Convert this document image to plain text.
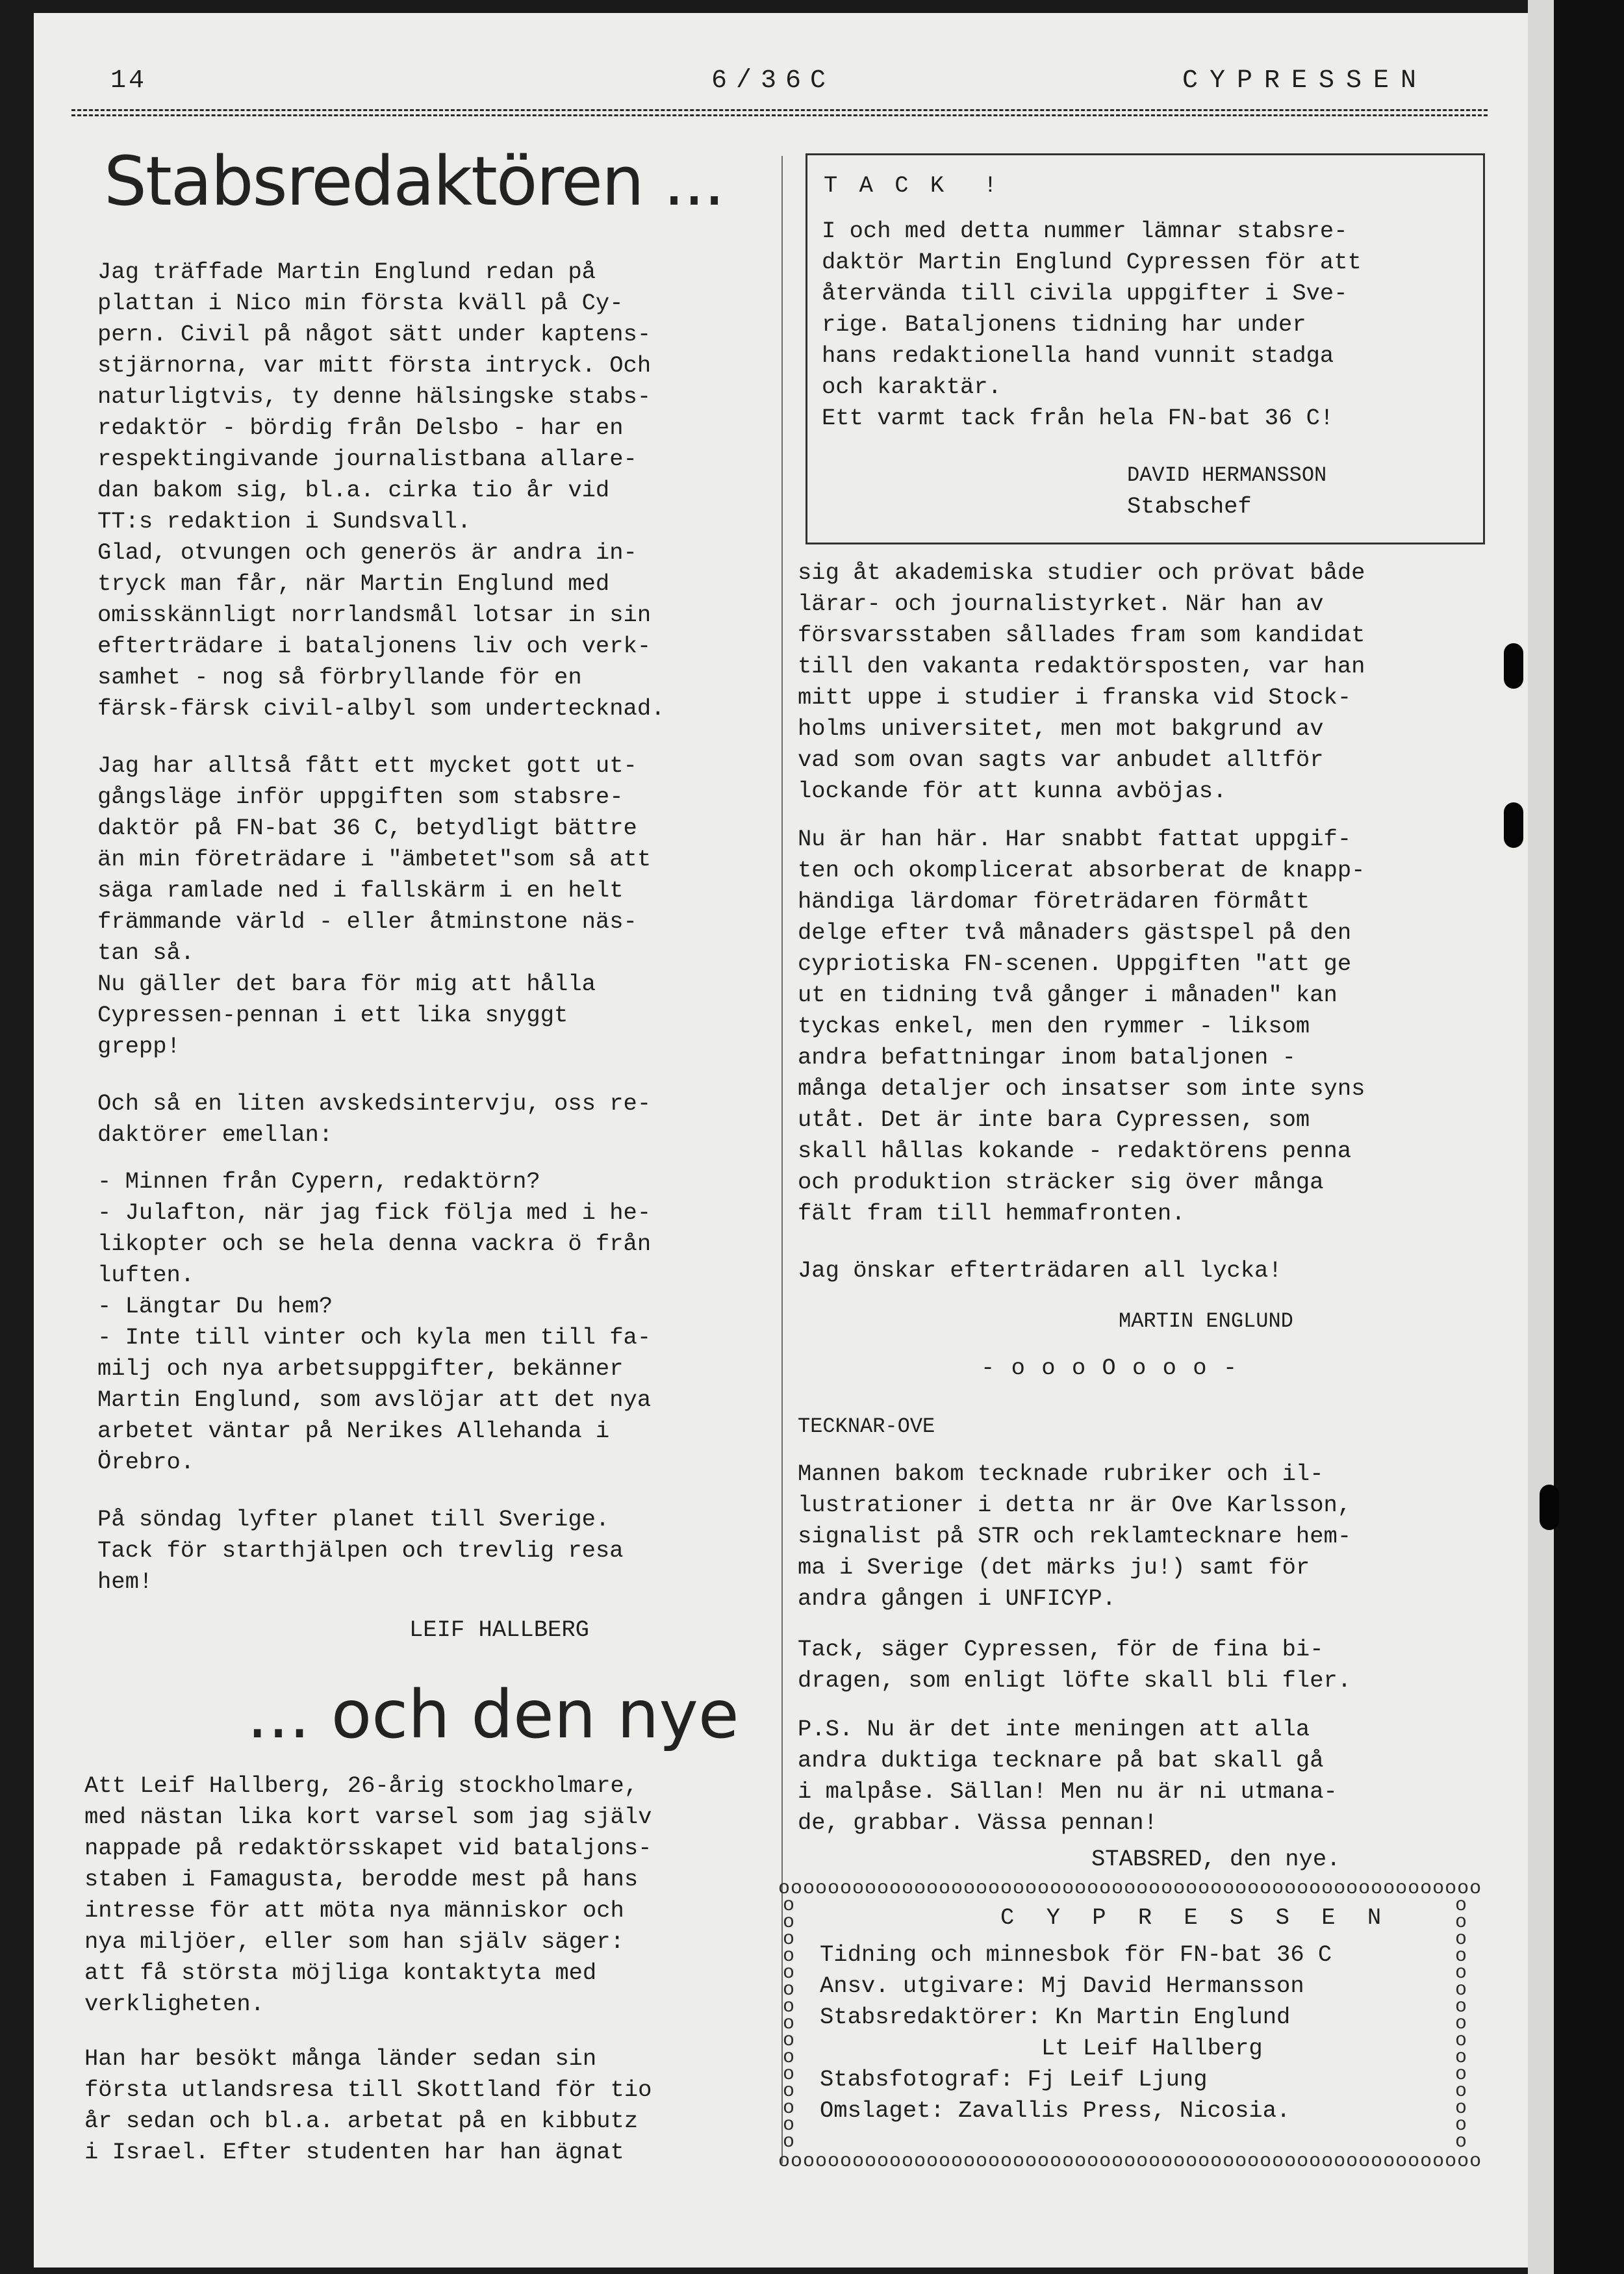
14	6/36C	CYPRESSEN
Stabsredaktören ...
Jag träffade Martin Englund redan på
plattan i Nico min första kväll på Cy-
pern. Civil på något sätt under kaptens-
stjärnorna, var mitt första intryck. Och
naturligtvis, ty denne hälsingske stabs-
redaktör - bördig från Delsbo - har en
respektingivande journalistbana allare-
dan bakom sig, bl.a. cirka tio år vid
TT:s redaktion i Sundsvall.
Glad, otvungen och generös är andra in-
tryck man får, när Martin Englund med
omisskännligt norrlandsmål lotsar in sin
efterträdare i bataljonens liv och verk-
samhet - nog så förbryllande för en
färsk-färsk civil-albyl som undertecknad.
Jag har alltså fått ett mycket gott ut-
gångsläge inför uppgiften som stabsre-
daktör på FN-bat 36 C, betydligt bättre
än min företrädare i "ämbetet"som så att
säga ramlade ned i fallskärm i en helt
främmande värld - eller åtminstone näs-
tan så.
Nu gäller det bara för mig att hålla
Cypressen-pennan i ett lika snyggt
grepp!
Och så en liten avskedsintervju, oss re-
daktörer emellan:
- Minnen från Cypern, redaktörn?
- Julafton, när jag fick följa med i he-
likopter och se hela denna vackra ö från
luften.
- Längtar Du hem?
- Inte till vinter och kyla men till fa-
milj och nya arbetsuppgifter, bekänner
Martin Englund, som avslöjar att det nya
arbetet väntar på Nerikes Allehanda i
Örebro.
På söndag lyfter planet till Sverige.
Tack för starthjälpen och trevlig resa
hem!
LEIF HALLBERG
... och den nye
Att Leif Hallberg, 26-årig stockholmare,
med nästan lika kort varsel som jag själv
nappade på redaktörsskapet vid bataljons-
staben i Famagusta, berodde mest på hans
intresse för att möta nya människor och
nya miljöer, eller som han själv säger:
att få största möjliga kontaktyta med
verkligheten.
Han har besökt många länder sedan sin
första utlandsresa till Skottland för tio
år sedan och bl.a. arbetat på en kibbutz
i Israel. Efter studenten har han ägnat
T A C K  !
I och med detta nummer lämnar stabsre-
daktör Martin Englund Cypressen för att
återvända till civila uppgifter i Sve-
rige. Bataljonens tidning har under
hans redaktionella hand vunnit stadga
och karaktär.
Ett varmt tack från hela FN-bat 36 C!
DAVID HERMANSSON
Stabschef
sig åt akademiska studier och prövat både
lärar- och journalistyrket. När han av
försvarsstaben sållades fram som kandidat
till den vakanta redaktörsposten, var han
mitt uppe i studier i franska vid Stock-
holms universitet, men mot bakgrund av
vad som ovan sagts var anbudet alltför
lockande för att kunna avböjas.
Nu är han här. Har snabbt fattat uppgif-
ten och okomplicerat absorberat de knapp-
händiga lärdomar företrädaren förmått
delge efter två månaders gästspel på den
cypriotiska FN-scenen. Uppgiften "att ge
ut en tidning två gånger i månaden" kan
tyckas enkel, men den rymmer - liksom
andra befattningar inom bataljonen -
många detaljer och insatser som inte syns
utåt. Det är inte bara Cypressen, som
skall hållas kokande - redaktörens penna
och produktion sträcker sig över många
fält fram till hemmafronten.
Jag önskar efterträdaren all lycka!
MARTIN ENGLUND
- o o o O o o o -
TECKNAR-OVE
Mannen bakom tecknade rubriker och il-
lustrationer i detta nr är Ove Karlsson,
signalist på STR och reklamtecknare hem-
ma i Sverige (det märks ju!) samt för
andra gången i UNFICYP.
Tack, säger Cypressen, för de fina bi-
dragen, som enligt löfte skall bli fler.
P.S. Nu är det inte meningen att alla
andra duktiga tecknare på bat skall gå
i malpåse. Sällan! Men nu är ni utmana-
de, grabbar. Vässa pennan!
STABSRED, den nye.
ooooooooooooooooooooooooooooooooooooooooooooooooooooooooo
ooooooooooooooooooooooooooooooooooooooooooooooooooooooooo
o
o
o
o
o
o
o
o
o
o
o
o
o
o
o
o
o
o
o
o
o
o
o
o
o
o
o
o
o
o
C Y P R E S S E N
Tidning och minnesbok för FN-bat 36 C
Ansv. utgivare: Mj David Hermansson
Stabsredaktörer: Kn Martin Englund
Lt Leif Hallberg
Stabsfotograf: Fj Leif Ljung
Omslaget: Zavallis Press, Nicosia.
